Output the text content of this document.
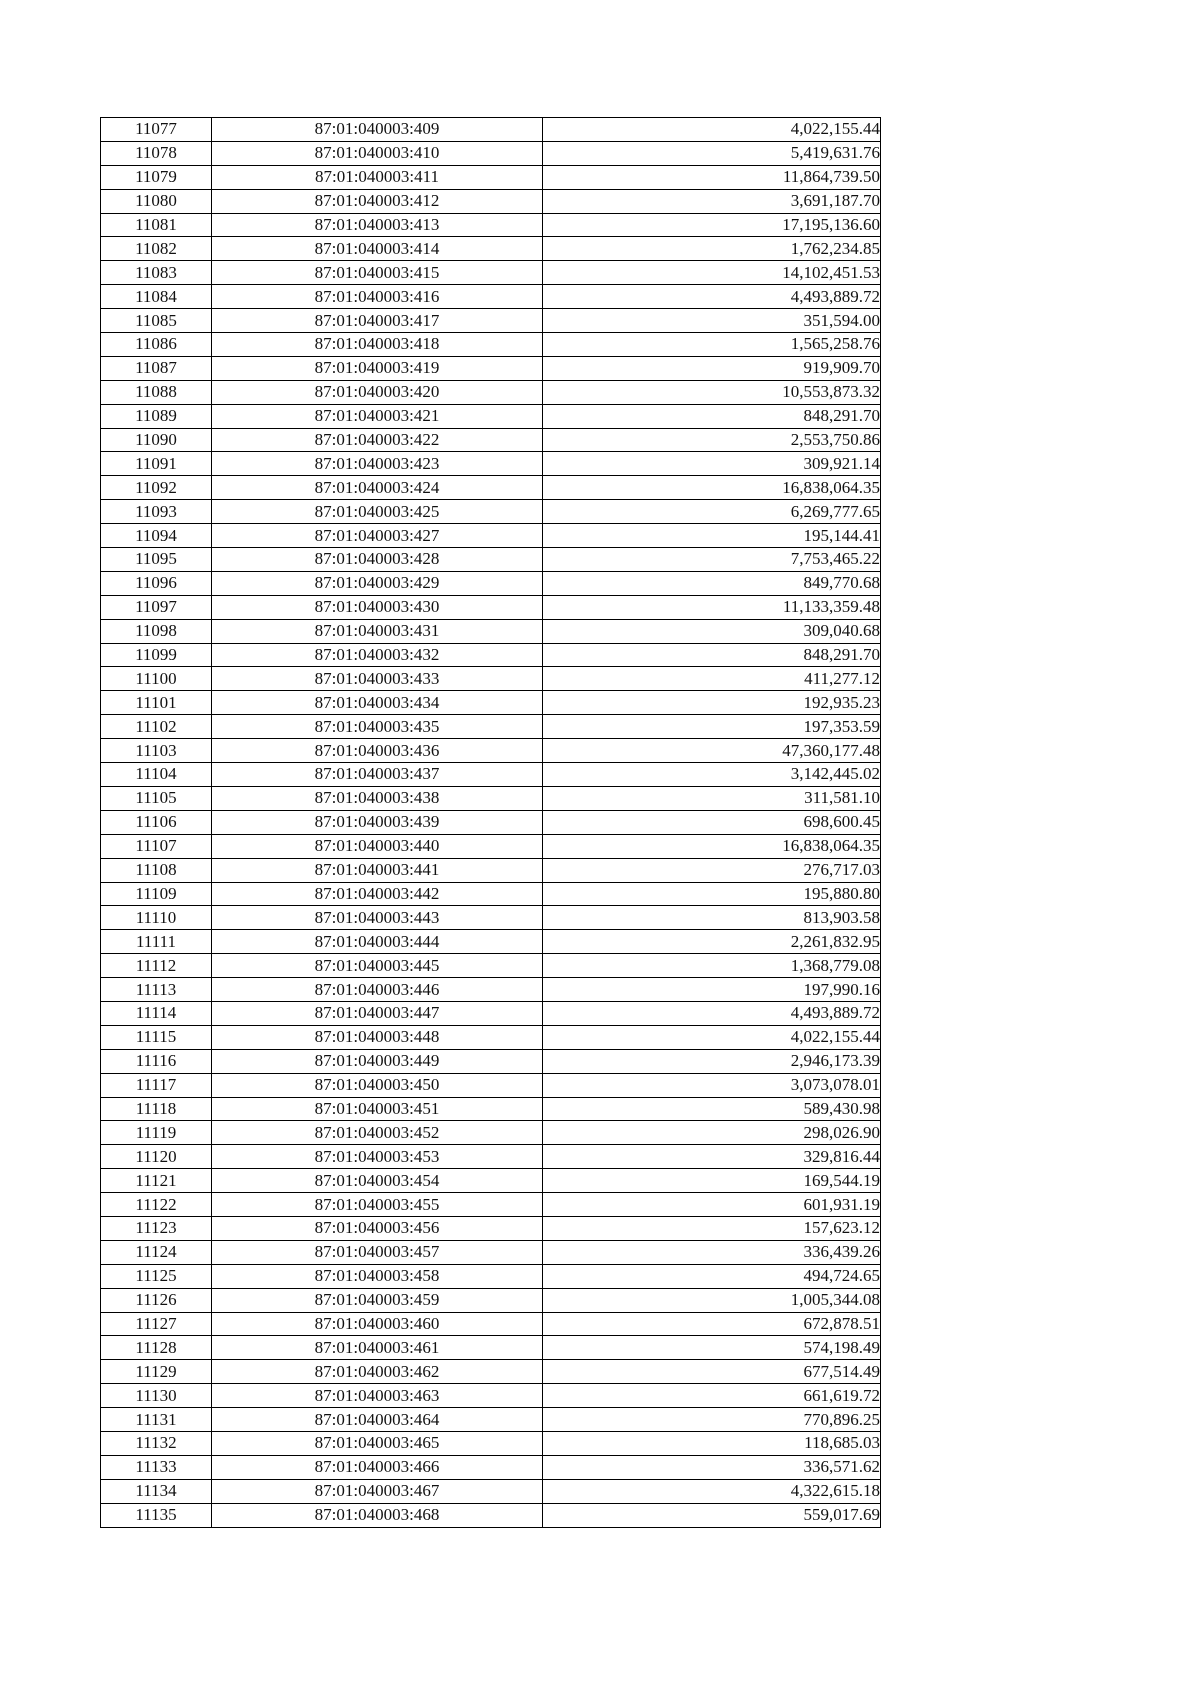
11077	87:01:040003:409	4,022,155.44
11078	87:01:040003:410	5,419,631.76
11079	87:01:040003:411	11,864,739.50
11080	87:01:040003:412	3,691,187.70
11081	87:01:040003:413	17,195,136.60
11082	87:01:040003:414	1,762,234.85
11083	87:01:040003:415	14,102,451.53
11084	87:01:040003:416	4,493,889.72
11085	87:01:040003:417	351,594.00
11086	87:01:040003:418	1,565,258.76
11087	87:01:040003:419	919,909.70
11088	87:01:040003:420	10,553,873.32
11089	87:01:040003:421	848,291.70
11090	87:01:040003:422	2,553,750.86
11091	87:01:040003:423	309,921.14
11092	87:01:040003:424	16,838,064.35
11093	87:01:040003:425	6,269,777.65
11094	87:01:040003:427	195,144.41
11095	87:01:040003:428	7,753,465.22
11096	87:01:040003:429	849,770.68
11097	87:01:040003:430	11,133,359.48
11098	87:01:040003:431	309,040.68
11099	87:01:040003:432	848,291.70
11100	87:01:040003:433	411,277.12
11101	87:01:040003:434	192,935.23
11102	87:01:040003:435	197,353.59
11103	87:01:040003:436	47,360,177.48
11104	87:01:040003:437	3,142,445.02
11105	87:01:040003:438	311,581.10
11106	87:01:040003:439	698,600.45
11107	87:01:040003:440	16,838,064.35
11108	87:01:040003:441	276,717.03
11109	87:01:040003:442	195,880.80
11110	87:01:040003:443	813,903.58
11111	87:01:040003:444	2,261,832.95
11112	87:01:040003:445	1,368,779.08
11113	87:01:040003:446	197,990.16
11114	87:01:040003:447	4,493,889.72
11115	87:01:040003:448	4,022,155.44
11116	87:01:040003:449	2,946,173.39
11117	87:01:040003:450	3,073,078.01
11118	87:01:040003:451	589,430.98
11119	87:01:040003:452	298,026.90
11120	87:01:040003:453	329,816.44
11121	87:01:040003:454	169,544.19
11122	87:01:040003:455	601,931.19
11123	87:01:040003:456	157,623.12
11124	87:01:040003:457	336,439.26
11125	87:01:040003:458	494,724.65
11126	87:01:040003:459	1,005,344.08
11127	87:01:040003:460	672,878.51
11128	87:01:040003:461	574,198.49
11129	87:01:040003:462	677,514.49
11130	87:01:040003:463	661,619.72
11131	87:01:040003:464	770,896.25
11132	87:01:040003:465	118,685.03
11133	87:01:040003:466	336,571.62
11134	87:01:040003:467	4,322,615.18
11135	87:01:040003:468	559,017.69
